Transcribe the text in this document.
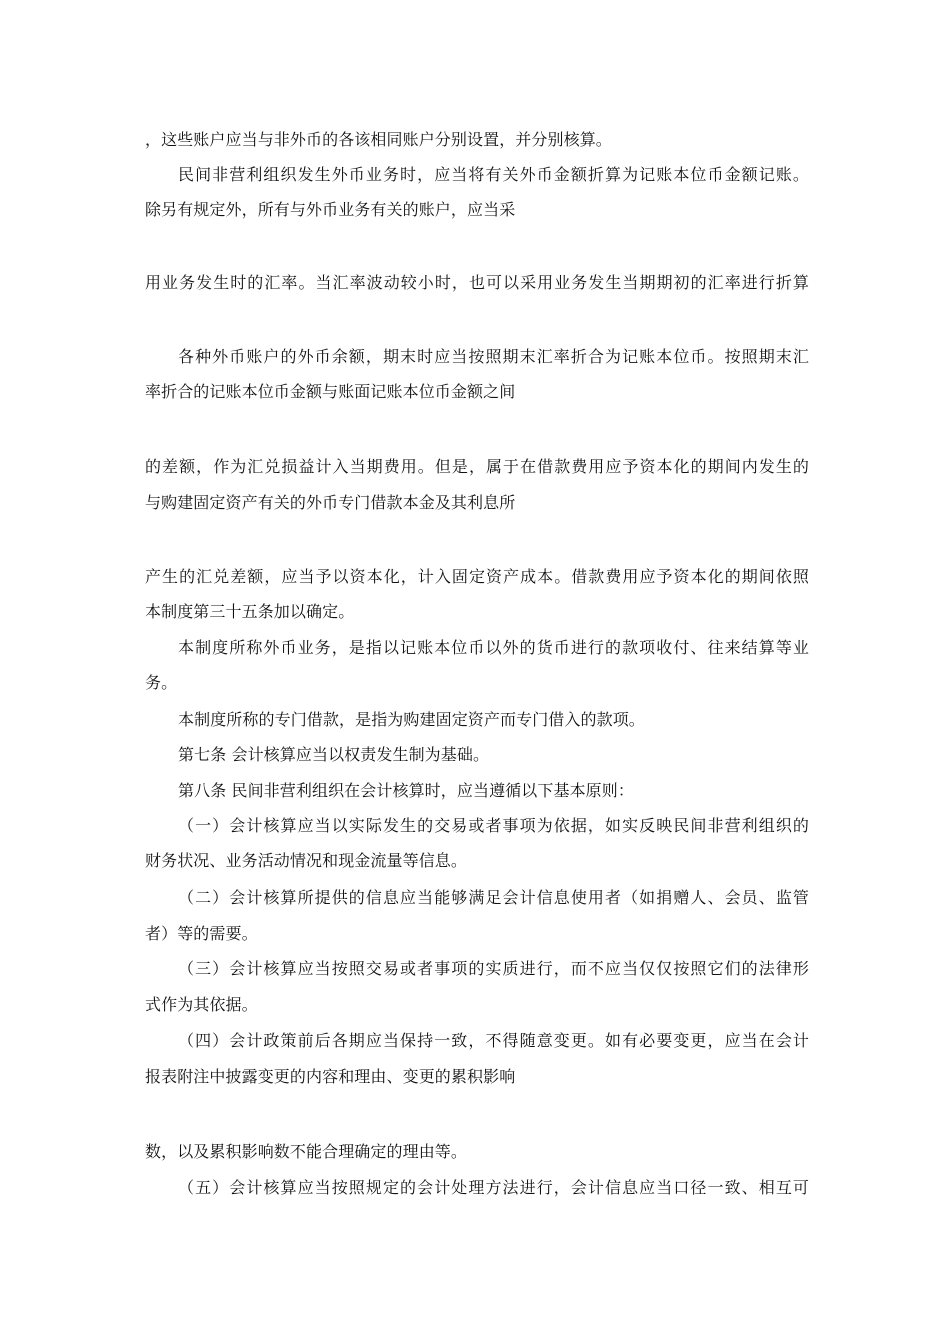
，这些账户应当与非外币的各该相同账户分别设置，并分别核算。
民间非营利组织发生外币业务时，应当将有关外币金额折算为记账本位币金额记账。
除另有规定外，所有与外币业务有关的账户，应当采
用业务发生时的汇率。当汇率波动较小时，也可以采用业务发生当期期初的汇率进行折算
各种外币账户的外币余额，期末时应当按照期末汇率折合为记账本位币。按照期末汇
率折合的记账本位币金额与账面记账本位币金额之间
的差额，作为汇兑损益计入当期费用。但是，属于在借款费用应予资本化的期间内发生的
与购建固定资产有关的外币专门借款本金及其利息所
产生的汇兑差额，应当予以资本化，计入固定资产成本。借款费用应予资本化的期间依照
本制度第三十五条加以确定。
本制度所称外币业务，是指以记账本位币以外的货币进行的款项收付、往来结算等业
务。
本制度所称的专门借款，是指为购建固定资产而专门借入的款项。
第七条 会计核算应当以权责发生制为基础。
第八条 民间非营利组织在会计核算时，应当遵循以下基本原则：
（一）会计核算应当以实际发生的交易或者事项为依据，如实反映民间非营利组织的
财务状况、业务活动情况和现金流量等信息。
（二）会计核算所提供的信息应当能够满足会计信息使用者（如捐赠人、会员、监管
者）等的需要。
（三）会计核算应当按照交易或者事项的实质进行，而不应当仅仅按照它们的法律形
式作为其依据。
（四）会计政策前后各期应当保持一致，不得随意变更。如有必要变更，应当在会计
报表附注中披露变更的内容和理由、变更的累积影响
数，以及累积影响数不能合理确定的理由等。
（五）会计核算应当按照规定的会计处理方法进行，会计信息应当口径一致、相互可
